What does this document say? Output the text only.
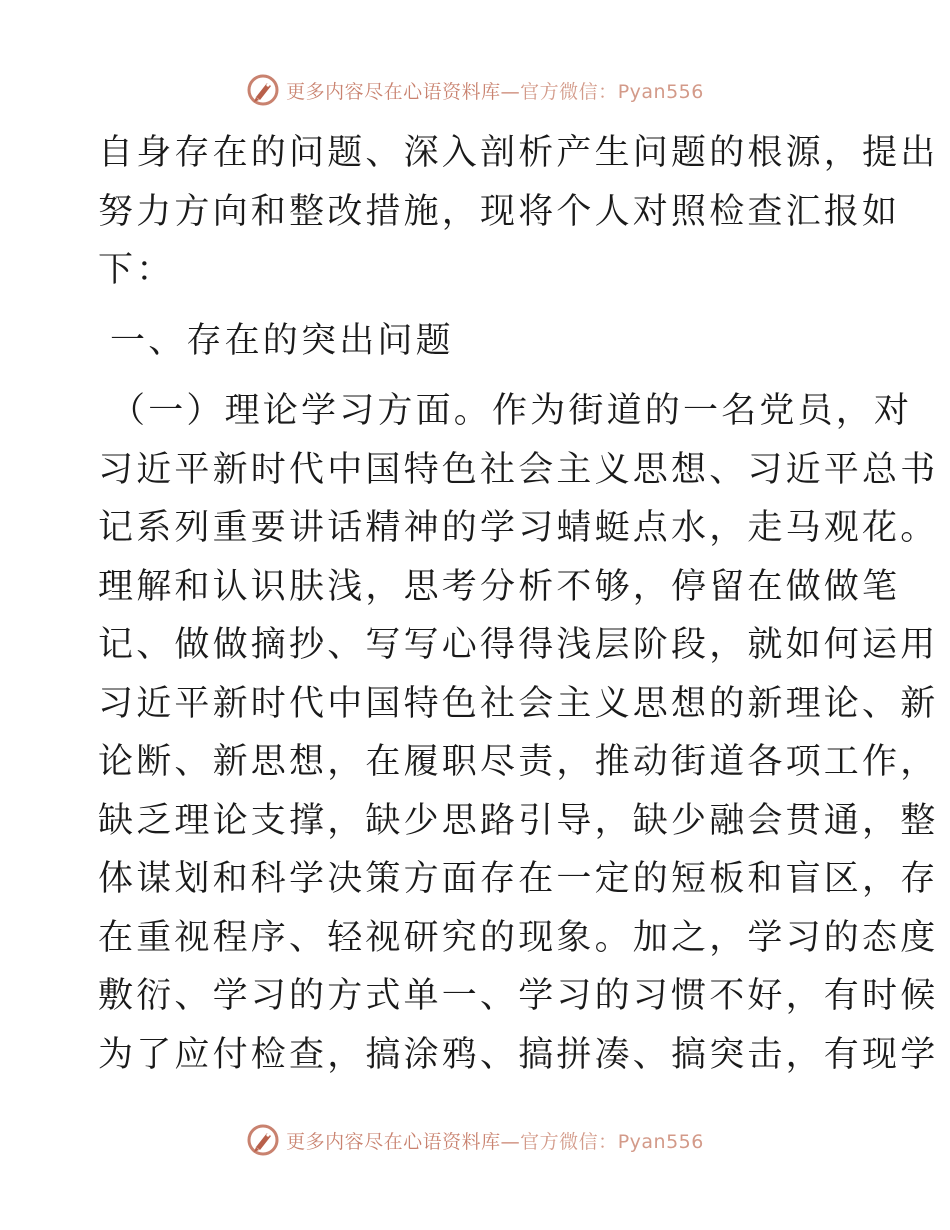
更多内容尽在心语资料库—官方微信：Pyan556

自身存在的问题、深入剖析产生问题的根源，提出
努力方向和整改措施，现将个人对照检查汇报如
下：

一、存在的突出问题

（一）理论学习方面。作为街道的一名党员，对
习近平新时代中国特色社会主义思想、习近平总书
记系列重要讲话精神的学习蜻蜓点水，走马观花。
理解和认识肤浅，思考分析不够，停留在做做笔
记、做做摘抄、写写心得得浅层阶段，就如何运用
习近平新时代中国特色社会主义思想的新理论、新
论断、新思想，在履职尽责，推动街道各项工作，
缺乏理论支撑，缺少思路引导，缺少融会贯通，整
体谋划和科学决策方面存在一定的短板和盲区，存
在重视程序、轻视研究的现象。加之，学习的态度
敷衍、学习的方式单一、学习的习惯不好，有时候
为了应付检查，搞涂鸦、搞拼凑、搞突击，有现学

更多内容尽在心语资料库—官方微信：Pyan556
